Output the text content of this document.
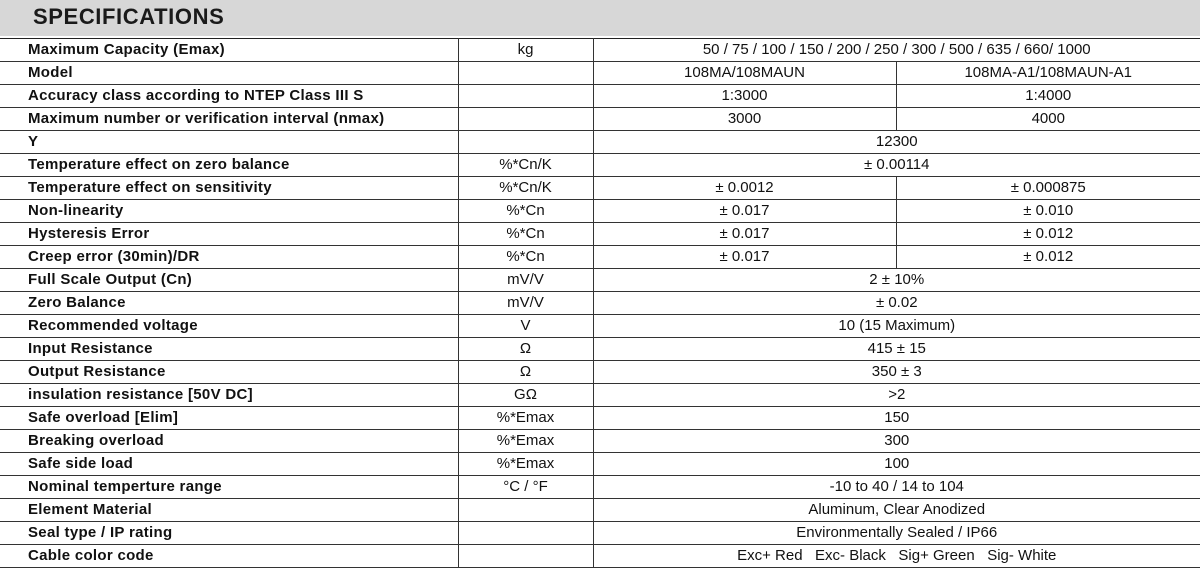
SPECIFICATIONS
Maximum Capacity (Emax)	kg	50 / 75 / 100 / 150 / 200 / 250 / 300 / 500 / 635 / 660/ 1000	
Model		108MA/108MAUN	108MA-A1/108MAUN-A1
Accuracy class according to NTEP Class III S		1:3000	1:4000
Maximum number or verification interval (nmax)		3000	4000
Y		12300	
Temperature effect on zero balance	%*Cn/K	± 0.00114	
Temperature effect on sensitivity	%*Cn/K	± 0.0012	± 0.000875
Non-linearity	%*Cn	± 0.017	± 0.010
Hysteresis Error	%*Cn	± 0.017	± 0.012
Creep error (30min)/DR	%*Cn	± 0.017	± 0.012
Full Scale Output (Cn)	mV/V	2 ± 10%	
Zero Balance	mV/V	± 0.02	
Recommended voltage	V	10 (15 Maximum)	
Input Resistance	Ω	415 ± 15	
Output Resistance	Ω	350 ± 3	
insulation resistance [50V DC]	GΩ	>2	
Safe overload [Elim]	%*Emax	150	
Breaking overload	%*Emax	300	
Safe side load	%*Emax	100	
Nominal temperture range	°C / °F	-10 to 40 / 14 to 104	
Element Material		Aluminum, Clear Anodized	
Seal type / IP rating		Environmentally Sealed / IP66	
Cable color code		Exc+ Red   Exc- Black   Sig+ Green   Sig- White	
